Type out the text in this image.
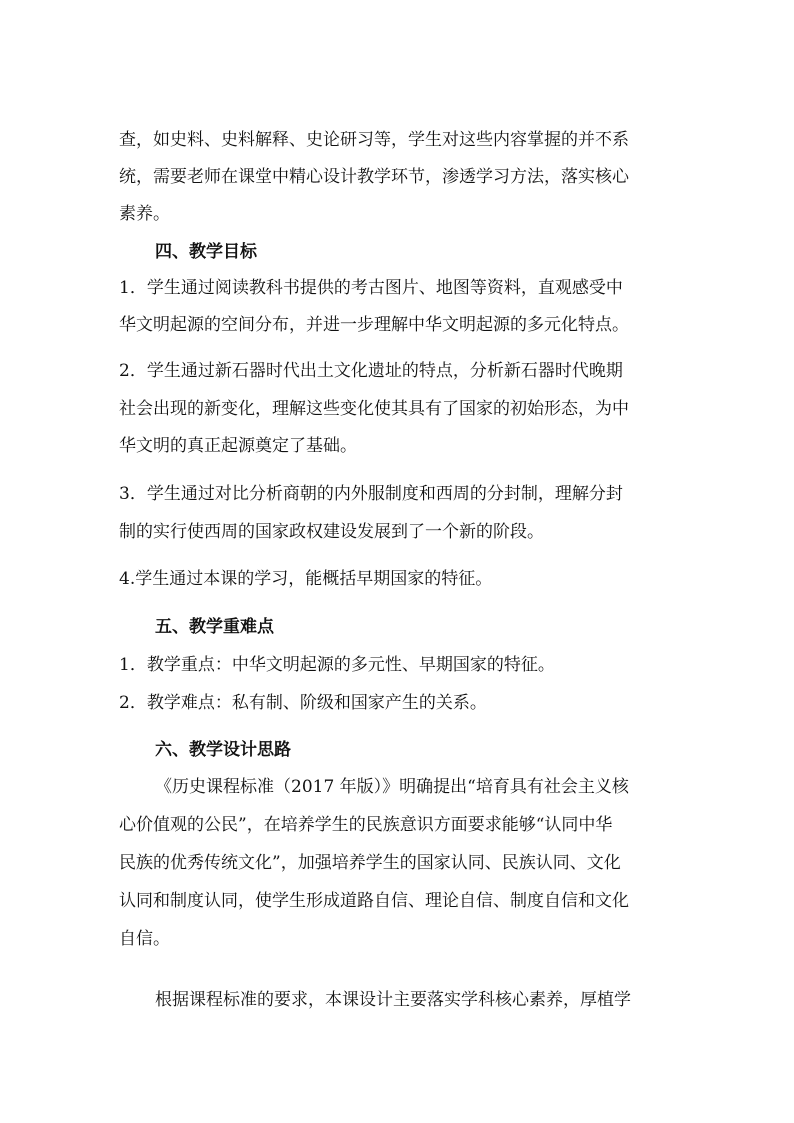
查，如史料、史料解释、史论研习等，学生对这些内容掌握的并不系
统，需要老师在课堂中精心设计教学环节，渗透学习方法，落实核心
素养。
四、教学目标
1．学生通过阅读教科书提供的考古图片、地图等资料，直观感受中
华文明起源的空间分布，并进一步理解中华文明起源的多元化特点。
2．学生通过新石器时代出土文化遗址的特点，分析新石器时代晚期
社会出现的新变化，理解这些变化使其具有了国家的初始形态，为中
华文明的真正起源奠定了基础。
3．学生通过对比分析商朝的内外服制度和西周的分封制，理解分封
制的实行使西周的国家政权建设发展到了一个新的阶段。
4.学生通过本课的学习，能概括早期国家的特征。
五、教学重难点
1．教学重点：中华文明起源的多元性、早期国家的特征。
2．教学难点：私有制、阶级和国家产生的关系。
六、教学设计思路
《历史课程标准（2017 年版）》明确提出“培育具有社会主义核
心价值观的公民”，在培养学生的民族意识方面要求能够“认同中华
民族的优秀传统文化”，加强培养学生的国家认同、民族认同、文化
认同和制度认同，使学生形成道路自信、理论自信、制度自信和文化
自信。
根据课程标准的要求，本课设计主要落实学科核心素养，厚植学
